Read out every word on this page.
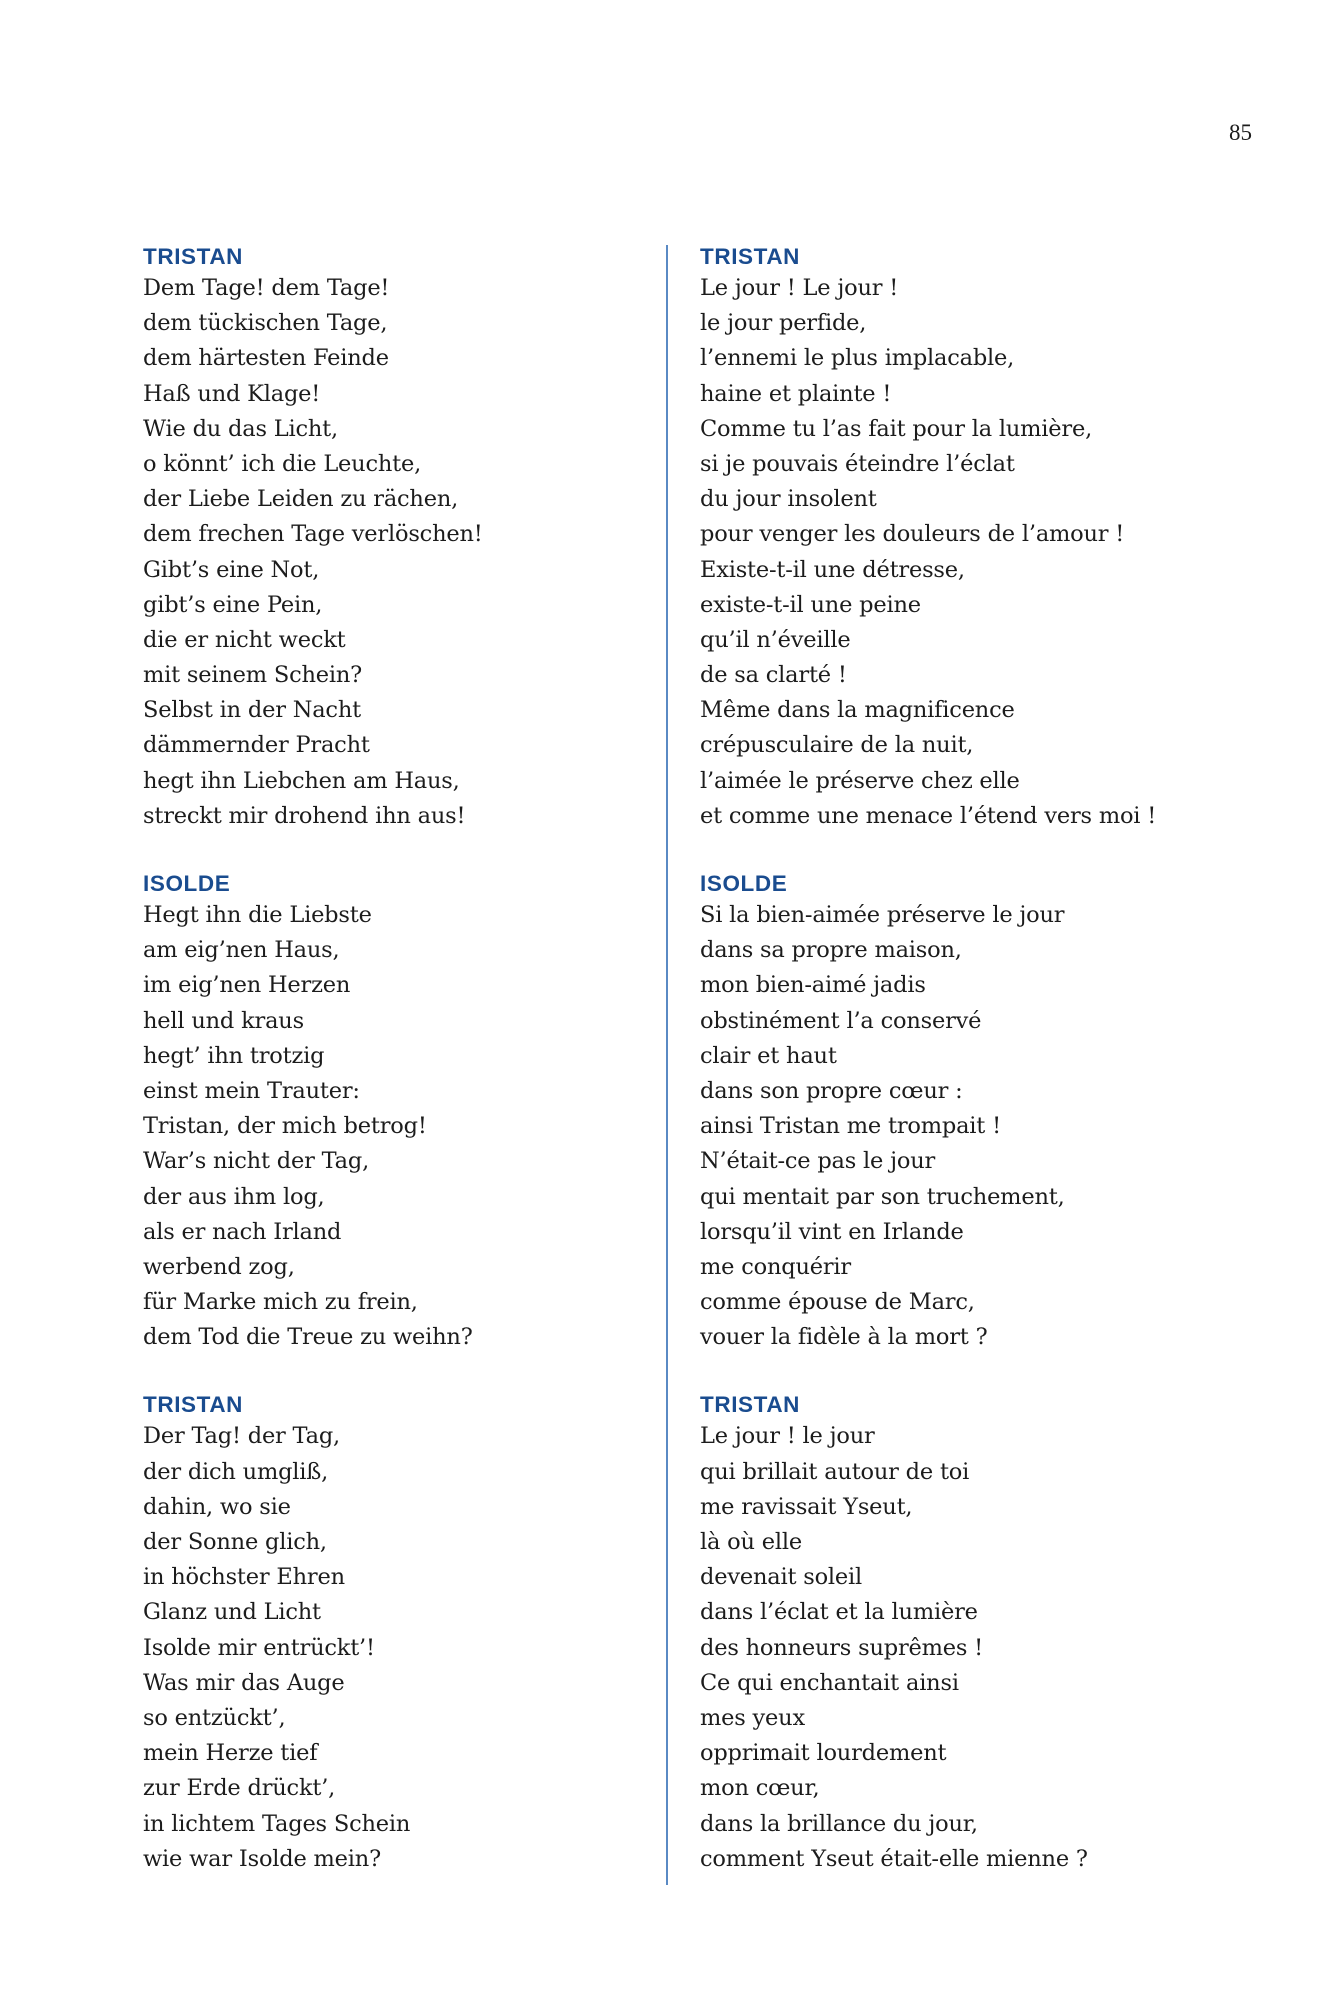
85
TRISTAN
Dem Tage! dem Tage!
dem tückischen Tage,
dem härtesten Feinde
Haß und Klage!
Wie du das Licht,
o könnt’ ich die Leuchte,
der Liebe Leiden zu rächen,
dem frechen Tage verlöschen!
Gibt’s eine Not,
gibt’s eine Pein,
die er nicht weckt
mit seinem Schein?
Selbst in der Nacht
dämmernder Pracht
hegt ihn Liebchen am Haus,
streckt mir drohend ihn aus!
ISOLDE
Hegt ihn die Liebste
am eig’nen Haus,
im eig’nen Herzen
hell und kraus
hegt’ ihn trotzig
einst mein Trauter:
Tristan, der mich betrog!
War’s nicht der Tag,
der aus ihm log,
als er nach Irland
werbend zog,
für Marke mich zu frein,
dem Tod die Treue zu weihn?
TRISTAN
Der Tag! der Tag,
der dich umgliß,
dahin, wo sie
der Sonne glich,
in höchster Ehren
Glanz und Licht
Isolde mir entrückt’!
Was mir das Auge
so entzückt’,
mein Herze tief
zur Erde drückt’,
in lichtem Tages Schein
wie war Isolde mein?
TRISTAN
Le jour ! Le jour !
le jour perfide,
l’ennemi le plus implacable,
haine et plainte !
Comme tu l’as fait pour la lumière,
si je pouvais éteindre l’éclat
du jour insolent
pour venger les douleurs de l’amour !
Existe-t-il une détresse,
existe-t-il une peine
qu’il n’éveille
de sa clarté !
Même dans la magnificence
crépusculaire de la nuit,
l’aimée le préserve chez elle
et comme une menace l’étend vers moi !
ISOLDE
Si la bien-aimée préserve le jour
dans sa propre maison,
mon bien-aimé jadis
obstinément l’a conservé
clair et haut
dans son propre cœur :
ainsi Tristan me trompait !
N’était-ce pas le jour
qui mentait par son truchement,
lorsqu’il vint en Irlande
me conquérir
comme épouse de Marc,
vouer la fidèle à la mort ?
TRISTAN
Le jour ! le jour
qui brillait autour de toi
me ravissait Yseut,
là où elle
devenait soleil
dans l’éclat et la lumière
des honneurs suprêmes !
Ce qui enchantait ainsi
mes yeux
opprimait lourdement
mon cœur,
dans la brillance du jour,
comment Yseut était-elle mienne ?
